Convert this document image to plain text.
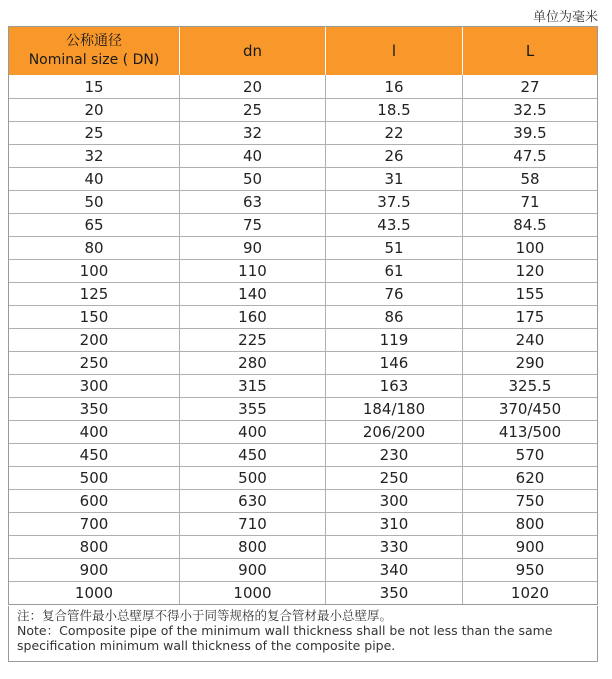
单位为毫米
公称通径
Nominal size ( DN)	dn	l	L
15	20	16	27
20	25	18.5	32.5
25	32	22	39.5
32	40	26	47.5
40	50	31	58
50	63	37.5	71
65	75	43.5	84.5
80	90	51	100
100	110	61	120
125	140	76	155
150	160	86	175
200	225	119	240
250	280	146	290
300	315	163	325.5
350	355	184/180	370/450
400	400	206/200	413/500
450	450	230	570
500	500	250	620
600	630	300	750
700	710	310	800
800	800	330	900
900	900	340	950
1000	1000	350	1020
注：复合管件最小总壁厚不得小于同等规格的复合管材最小总壁厚。
Note：Composite pipe of the minimum wall thickness shall be not less than the same specification minimum wall thickness of the composite pipe.
